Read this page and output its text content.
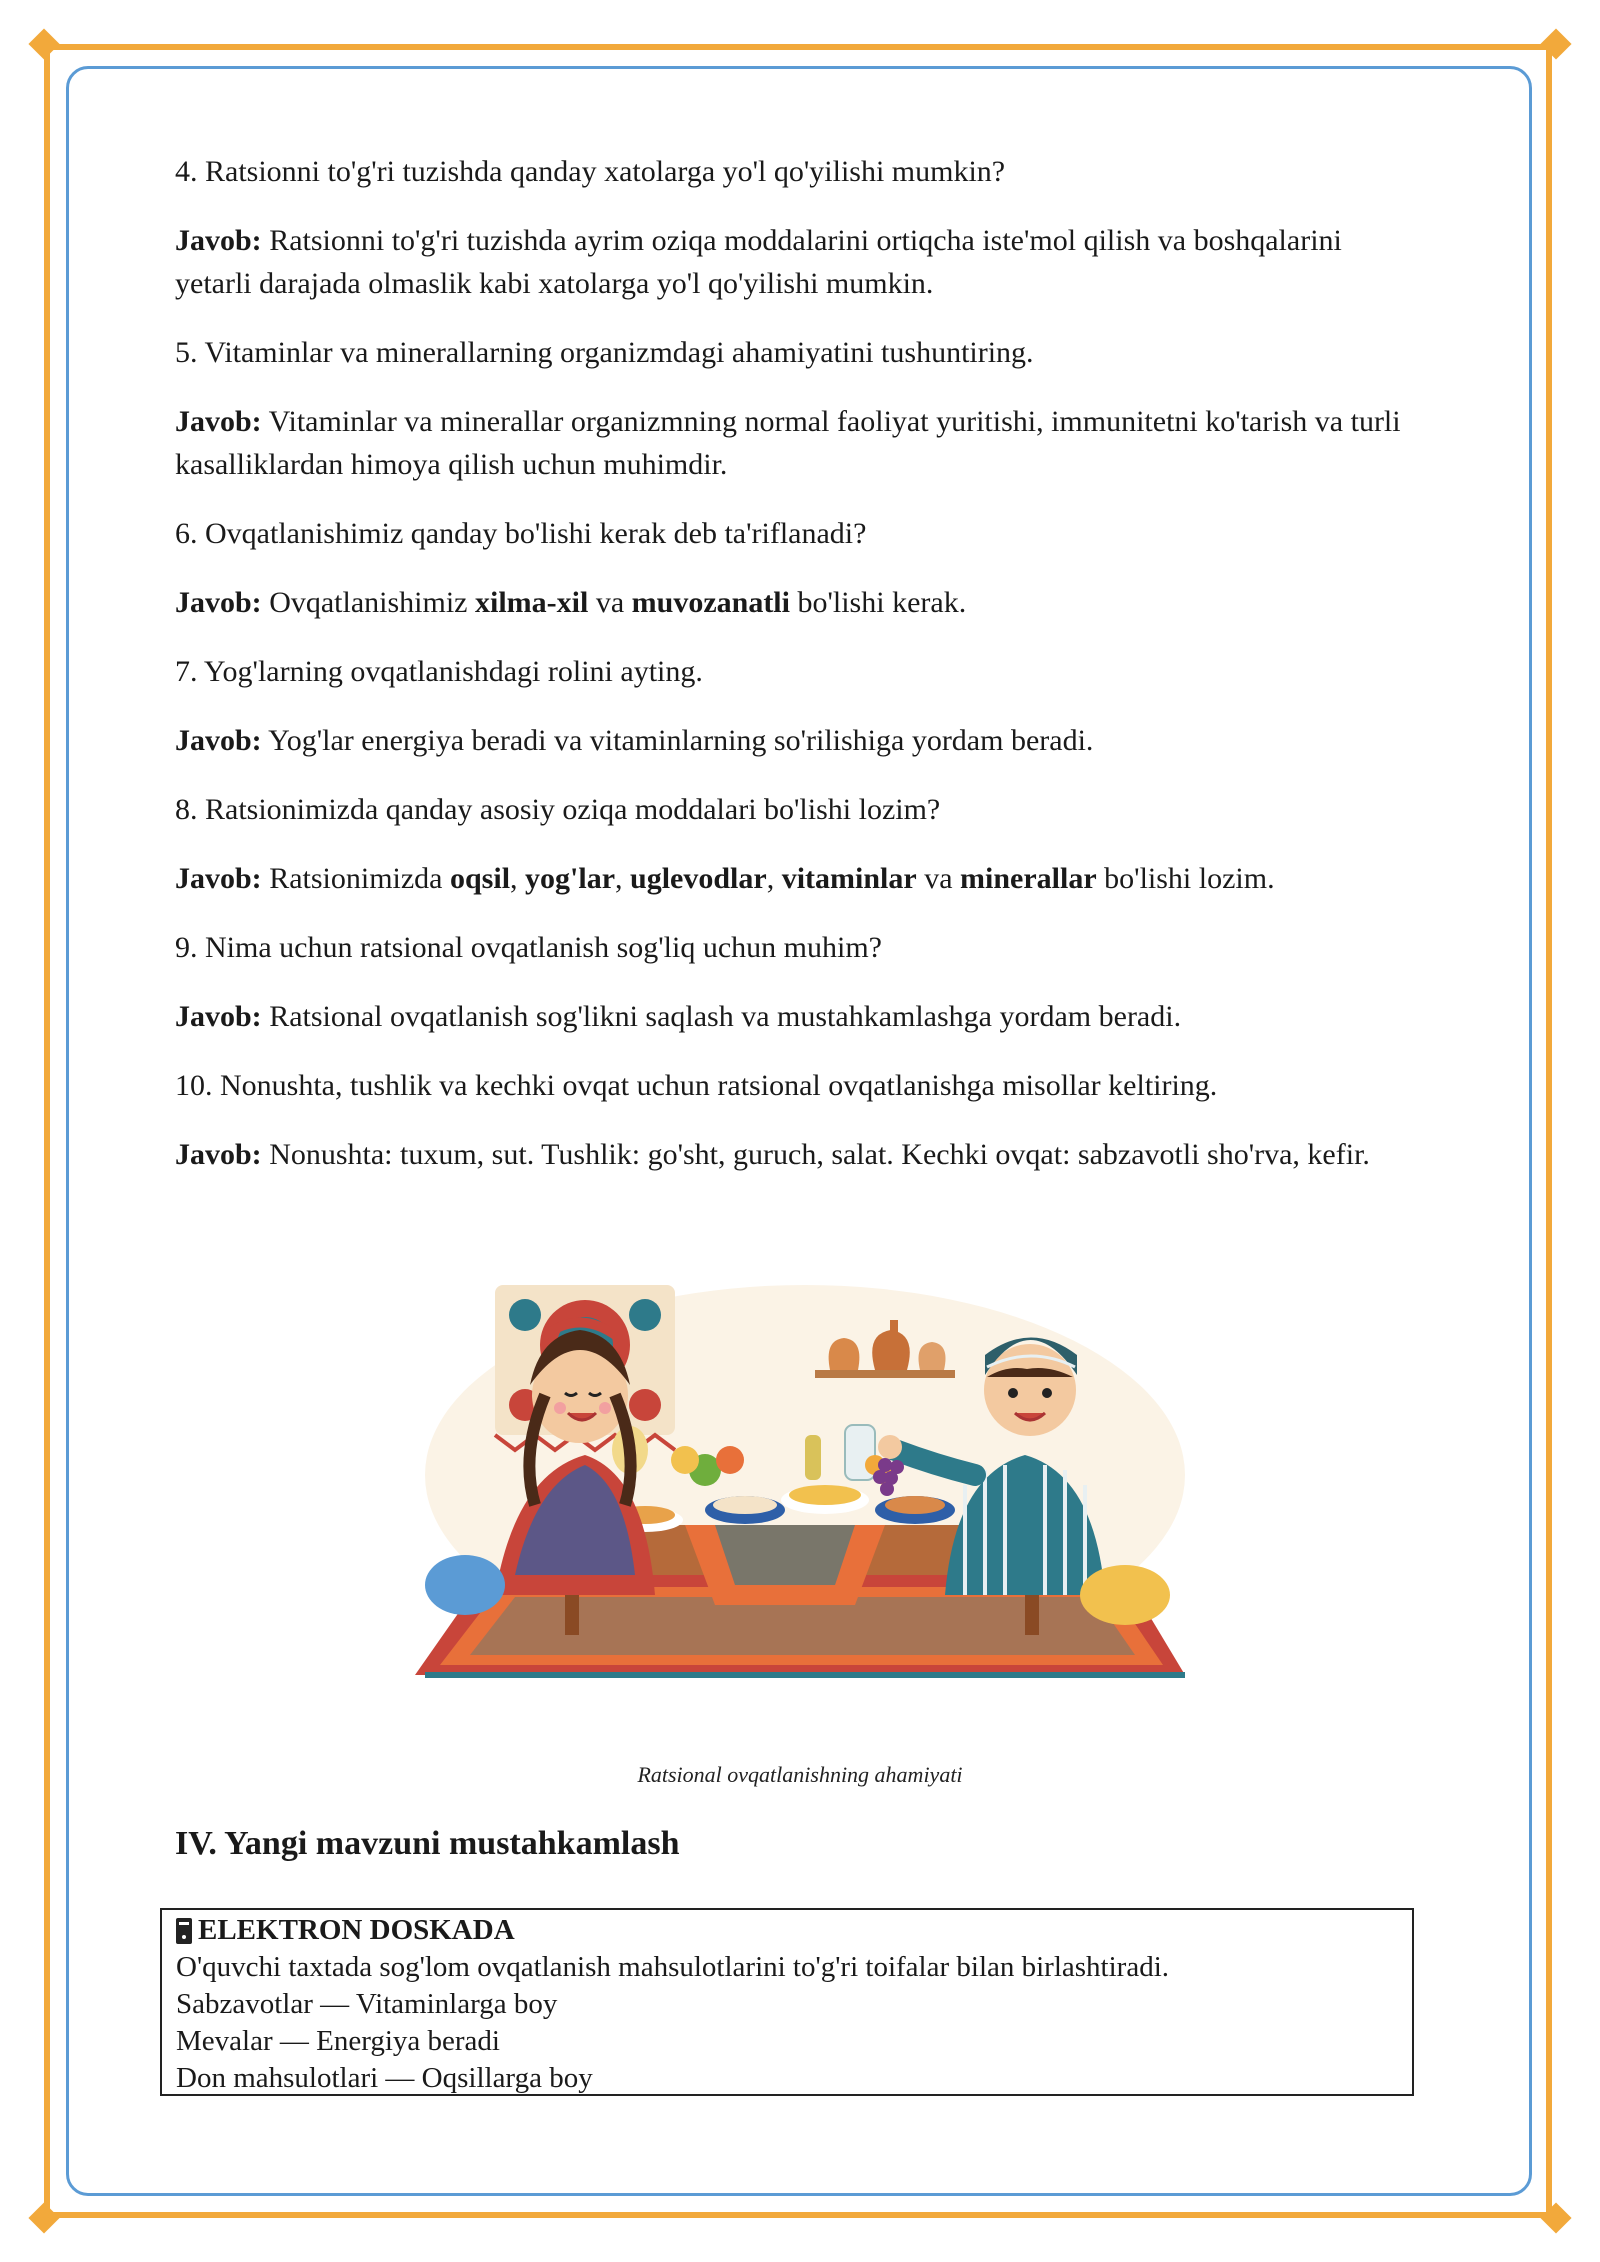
4. Ratsionni to'g'ri tuzishda qanday xatolarga yo'l qo'yilishi mumkin?

Javob: Ratsionni to'g'ri tuzishda ayrim oziqa moddalarini ortiqcha iste'mol qilish va boshqalarini yetarli darajada olmaslik kabi xatolarga yo'l qo'yilishi mumkin.

5. Vitaminlar va minerallarning organizmdagi ahamiyatini tushuntiring.

Javob: Vitaminlar va minerallar organizmning normal faoliyat yuritishi, immunitetni ko'tarish va turli kasalliklardan himoya qilish uchun muhimdir.

6. Ovqatlanishimiz qanday bo'lishi kerak deb ta'riflanadi?

Javob: Ovqatlanishimiz xilma-xil va muvozanatli bo'lishi kerak.

7. Yog'larning ovqatlanishdagi rolini ayting.

Javob: Yog'lar energiya beradi va vitaminlarning so'rilishiga yordam beradi.

8. Ratsionimizda qanday asosiy oziqa moddalari bo'lishi lozim?

Javob: Ratsionimizda oqsil, yog'lar, uglevodlar, vitaminlar va minerallar bo'lishi lozim.

9. Nima uchun ratsional ovqatlanish sog'liq uchun muhim?

Javob: Ratsional ovqatlanish sog'likni saqlash va mustahkamlashga yordam beradi.

10. Nonushta, tushlik va kechki ovqat uchun ratsional ovqatlanishga misollar keltiring.

Javob: Nonushta: tuxum, sut. Tushlik: go'sht, guruch, salat. Kechki ovqat: sabzavotli sho'rva, kefir.

Ratsional ovqatlanishning ahamiyati
IV. Yangi mavzuni mustahkamlash
ELEKTRON DOSKADA
O'quvchi taxtada sog'lom ovqatlanish mahsulotlarini to'g'ri toifalar bilan birlashtiradi.
Sabzavotlar — Vitaminlarga boy
Mevalar — Energiya beradi
Don mahsulotlari — Oqsillarga boy
